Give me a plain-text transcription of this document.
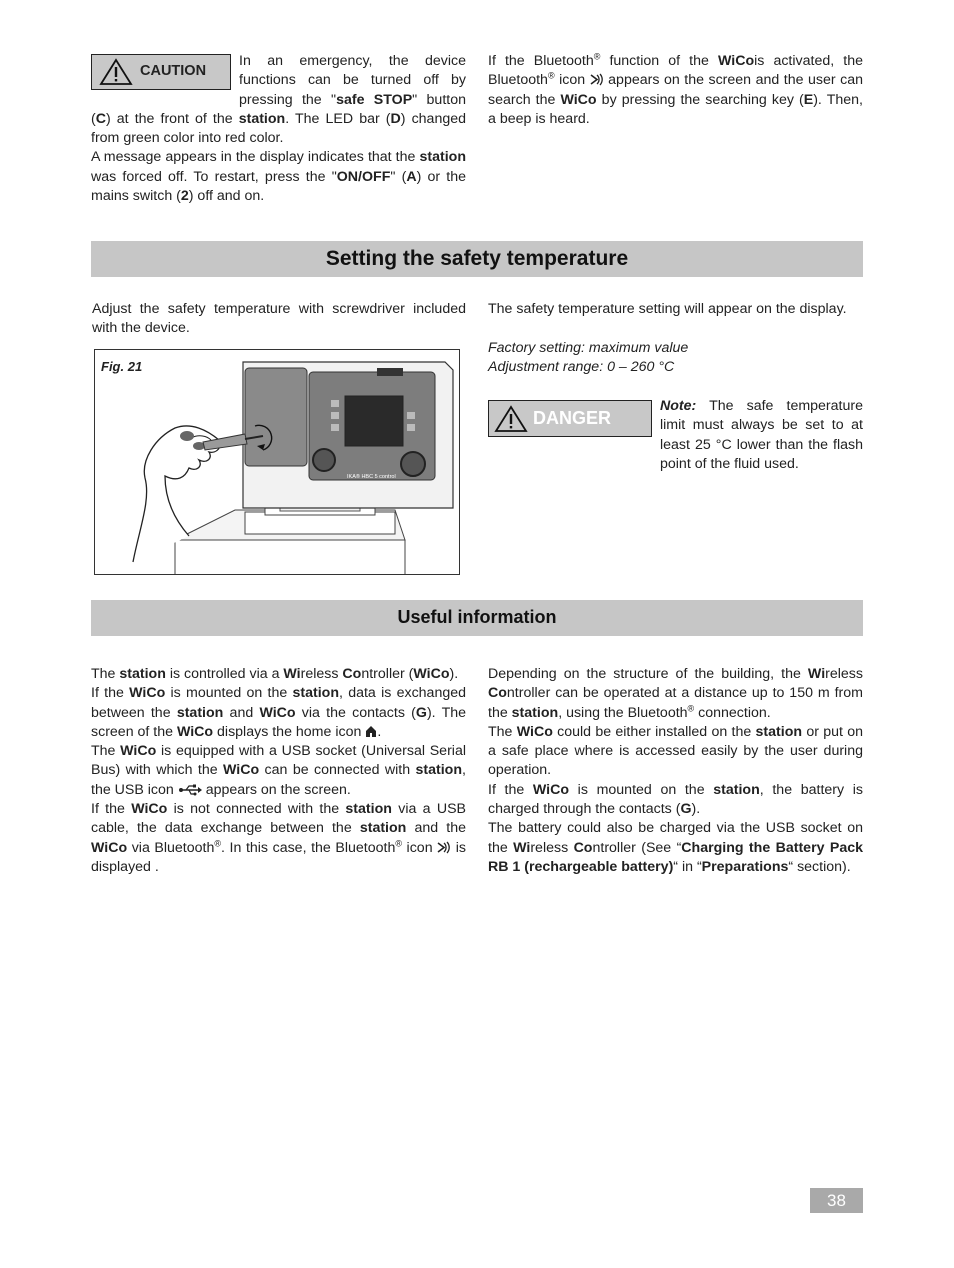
CAUTION

In an emergency, the device functions can be turned off by pressing the "safe STOP" button (C) at the front of the station. The LED bar (D) changed from green color into red color.

A message appears in the display indicates that the station was forced off. To restart, press the "ON/OFF" (A) or the mains switch (2) off and on.

If the Bluetooth® function of the WiCois activated, the Bluetooth® icon  appears on the screen and the user can search the WiCo by pressing the searching key (E). Then, a beep is heard.

Setting the safety temperature

Adjust the safety temperature with screwdriver included with the device.

Fig. 21
IKA® HBC 5 control

The safety temperature setting will appear on the display.

Factory setting: maximum value
Adjustment range: 0 – 260 °C
DANGER

Note: The safe temperature limit must always be set to at least 25 °C lower than the flash point of the fluid used.

Useful information

The station is controlled via a Wireless Controller (WiCo).
If the WiCo is mounted on the station, data is exchanged between the station and WiCo via the contacts (G). The screen of the WiCo displays the home icon .
The WiCo is equipped with a USB socket (Universal Serial Bus) with which the WiCo can be connected with station, the USB icon  appears on the screen.
If the WiCo is not connected with the station via a USB cable, the data exchange between the station and the WiCo via Bluetooth®. In this case, the Bluetooth® icon  is displayed .

Depending on the structure of the building, the Wireless Controller can be operated at a distance up to 150 m from the station, using the Bluetooth® connection.
The WiCo could be either installed on the station or put on a safe place where is accessed easily by the user during operation.
If the WiCo is mounted on the station, the battery is charged through the contacts (G).
The battery could also be charged via the USB socket on the Wireless Controller (See “Charging the Battery Pack RB 1 (rechargeable battery)“ in “Preparations“ section).

38
